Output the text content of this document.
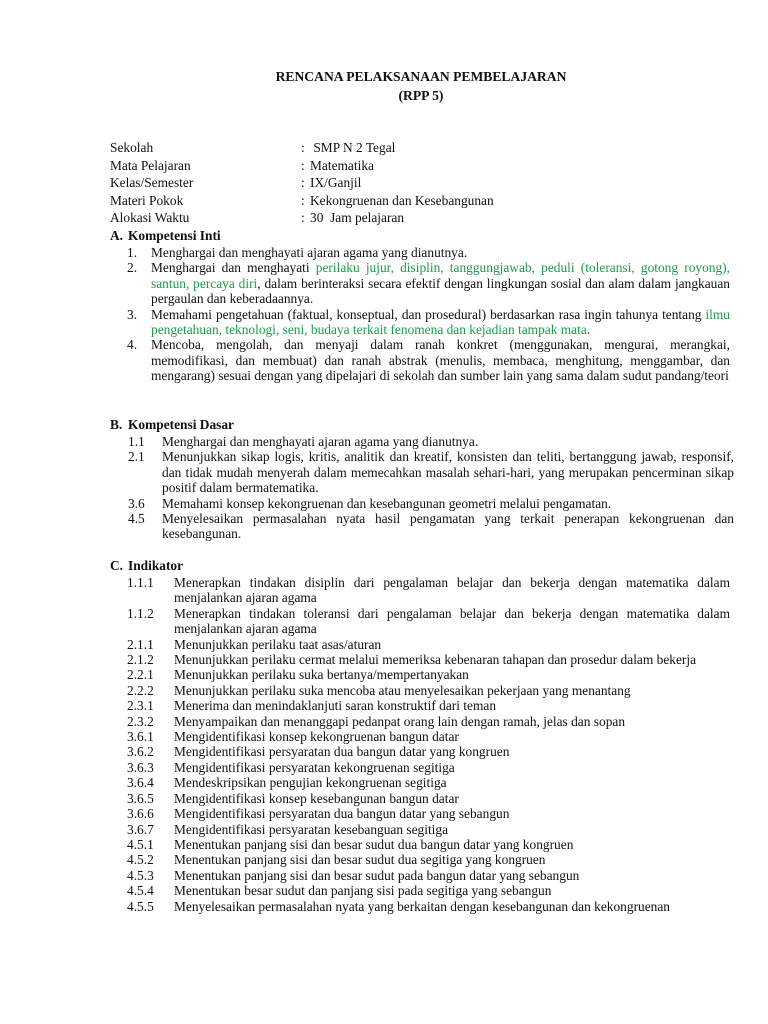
RENCANA PELAKSANAAN PEMBELAJARAN
(RPP 5)
Sekolah	: SMP N 2 Tegal
Mata Pelajaran	: Matematika
Kelas/Semester	: IX/Ganjil
Materi Pokok	: Kekongruenan dan Kesebangunan
Alokasi Waktu	: 30  Jam pelajaran
A. Kompetensi Inti
1. Menghargai dan menghayati ajaran agama yang dianutnya.
2. Menghargai dan menghayati perilaku jujur, disiplin, tanggungjawab, peduli (toleransi, gotong royong), santun, percaya diri, dalam berinteraksi secara efektif dengan lingkungan sosial dan alam dalam jangkauan pergaulan dan keberadaannya.
3. Memahami pengetahuan (faktual, konseptual, dan prosedural) berdasarkan rasa ingin tahunya tentang ilmu pengetahuan, teknologi, seni, budaya terkait fenomena dan kejadian tampak mata.
4. Mencoba, mengolah, dan menyaji dalam ranah konkret (menggunakan, mengurai, merangkai, memodifikasi, dan membuat) dan ranah abstrak (menulis, membaca, menghitung, menggambar, dan mengarang) sesuai dengan yang dipelajari di sekolah dan sumber lain yang sama dalam sudut pandang/teori
B. Kompetensi Dasar
1.1 Menghargai dan menghayati ajaran agama yang dianutnya.
2.1 Menunjukkan sikap logis, kritis, analitik dan kreatif, konsisten dan teliti, bertanggung jawab, responsif, dan tidak mudah menyerah dalam memecahkan masalah sehari-hari, yang merupakan pencerminan sikap positif dalam bermatematika.
3.6 Memahami konsep kekongruenan dan kesebangunan geometri melalui pengamatan.
4.5 Menyelesaikan permasalahan nyata hasil pengamatan yang terkait penerapan kekongruenan dan kesebangunan.
C. Indikator
1.1.1 Menerapkan tindakan disiplin dari pengalaman belajar dan bekerja dengan matematika dalam menjalankan ajaran agama
1.1.2 Menerapkan tindakan toleransi dari pengalaman belajar dan bekerja dengan matematika dalam menjalankan ajaran agama
2.1.1 Menunjukkan perilaku taat asas/aturan
2.1.2 Menunjukkan perilaku cermat melalui memeriksa kebenaran tahapan dan prosedur dalam bekerja
2.2.1 Menunjukkan perilaku suka bertanya/mempertanyakan
2.2.2 Menunjukkan perilaku suka mencoba atau menyelesaikan pekerjaan yang menantang
2.3.1 Menerima dan menindaklanjuti saran konstruktif dari teman
2.3.2 Menyampaikan dan menanggapi pedanpat orang lain dengan ramah, jelas dan sopan
3.6.1 Mengidentifikasi konsep kekongruenan bangun datar
3.6.2 Mengidentifikasi persyaratan dua bangun datar yang kongruen
3.6.3 Mengidentifikasi persyaratan kekongruenan segitiga
3.6.4 Mendeskripsikan pengujian kekongruenan segitiga
3.6.5 Mengidentifikasi konsep kesebangunan bangun datar
3.6.6 Mengidentifikasi persyaratan dua bangun datar yang sebangun
3.6.7 Mengidentifikasi persyaratan kesebanguan segitiga
4.5.1 Menentukan panjang sisi dan besar sudut dua bangun datar yang kongruen
4.5.2 Menentukan panjang sisi dan besar sudut dua segitiga yang kongruen
4.5.3 Menentukan panjang sisi dan besar sudut pada bangun datar yang sebangun
4.5.4 Menentukan besar sudut dan panjang sisi pada segitiga yang sebangun
4.5.5 Menyelesaikan permasalahan nyata yang berkaitan dengan kesebangunan dan kekongruenan
